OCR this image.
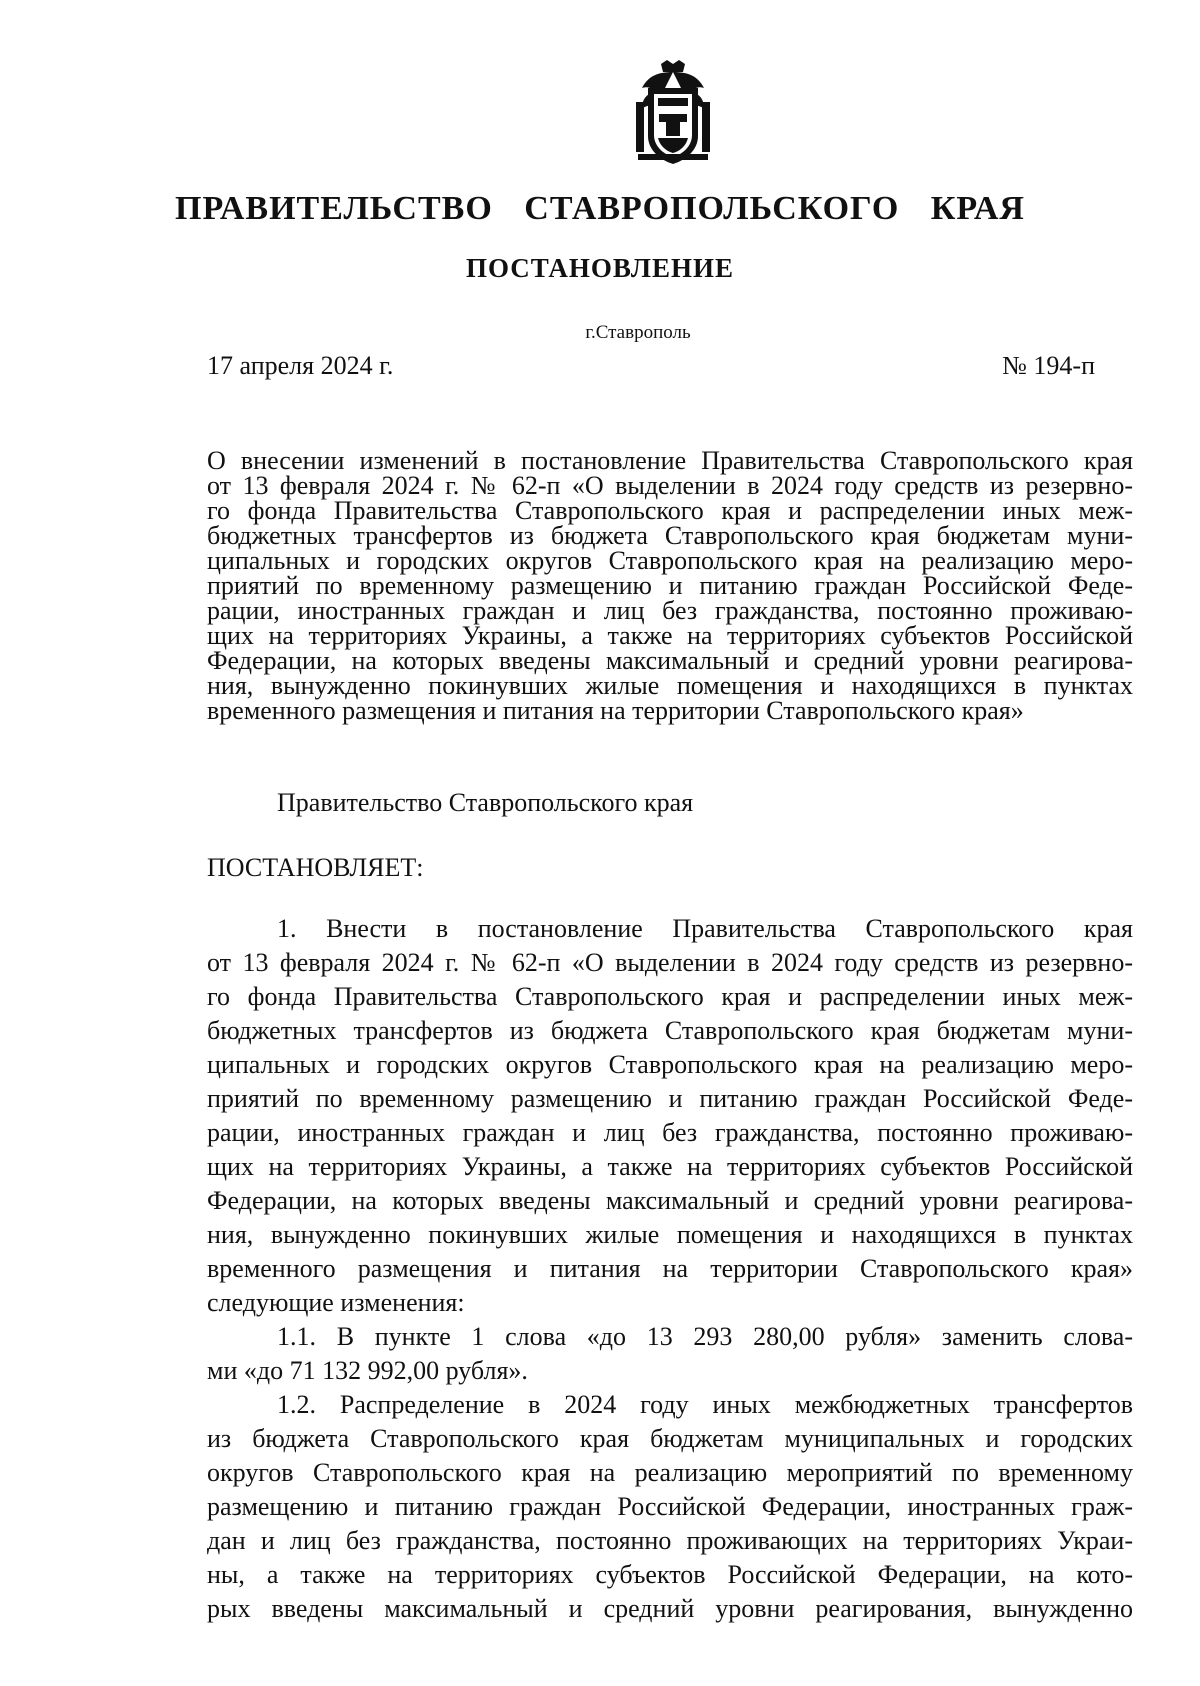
ПРАВИТЕЛЬСТВО СТАВРОПОЛЬСКОГО КРАЯ
ПОСТАНОВЛЕНИЕ
г.Ставрополь
17 апреля 2024 г.	№ 194-п
О внесении изменений в постановление Правительства Ставропольского края
от 13 февраля 2024 г. № 62-п «О выделении в 2024 году средств из резервно-
го фонда Правительства Ставропольского края и распределении иных меж-
бюджетных трансфертов из бюджета Ставропольского края бюджетам муни-
ципальных и городских округов Ставропольского края на реализацию меро-
приятий по временному размещению и питанию граждан Российской Феде-
рации, иностранных граждан и лиц без гражданства, постоянно проживаю-
щих на территориях Украины, а также на территориях субъектов Российской
Федерации, на которых введены максимальный и средний уровни реагирова-
ния, вынужденно покинувших жилые помещения и находящихся в пунктах
временного размещения и питания на территории Ставропольского края»

Правительство Ставропольского края

ПОСТАНОВЛЯЕТ:

1. Внести в постановление Правительства Ставропольского края
от 13 февраля 2024 г. № 62-п «О выделении в 2024 году средств из резервно-
го фонда Правительства Ставропольского края и распределении иных меж-
бюджетных трансфертов из бюджета Ставропольского края бюджетам муни-
ципальных и городских округов Ставропольского края на реализацию меро-
приятий по временному размещению и питанию граждан Российской Феде-
рации, иностранных граждан и лиц без гражданства, постоянно проживаю-
щих на территориях Украины, а также на территориях субъектов Российской
Федерации, на которых введены максимальный и средний уровни реагирова-
ния, вынужденно покинувших жилые помещения и находящихся в пунктах
временного размещения и питания на территории Ставропольского края»
следующие изменения:
1.1. В пункте 1 слова «до 13 293 280,00 рубля» заменить слова-
ми «до 71 132 992,00 рубля».
1.2. Распределение в 2024 году иных межбюджетных трансфертов
из бюджета Ставропольского края бюджетам муниципальных и городских
округов Ставропольского края на реализацию мероприятий по временному
размещению и питанию граждан Российской Федерации, иностранных граж-
дан и лиц без гражданства, постоянно проживающих на территориях Украи-
ны, а также на территориях субъектов Российской Федерации, на кото-
рых введены максимальный и средний уровни реагирования, вынужденно
